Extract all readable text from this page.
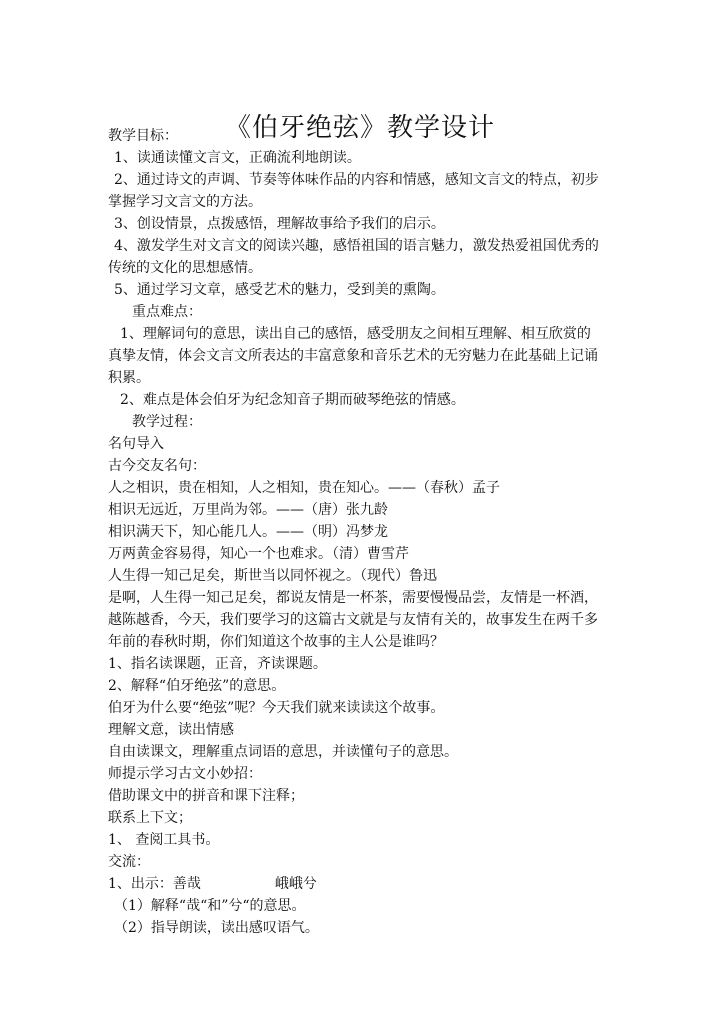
《伯牙绝弦》教学设计
教学目标：
1、读通读懂文言文，正确流利地朗读。
2、通过诗文的声调、节奏等体味作品的内容和情感，感知文言文的特点，初步
掌握学习文言文的方法。
3、创设情景，点拨感悟，理解故事给予我们的启示。
4、激发学生对文言文的阅读兴趣，感悟祖国的语言魅力，激发热爱祖国优秀的
传统的文化的思想感情。
5、通过学习文章，感受艺术的魅力，受到美的熏陶。
重点难点：
1、理解词句的意思，读出自己的感悟，感受朋友之间相互理解、相互欣赏的
真挚友情，体会文言文所表达的丰富意象和音乐艺术的无穷魅力在此基础上记诵
积累。
2、难点是体会伯牙为纪念知音子期而破琴绝弦的情感。
教学过程：
名句导入
古今交友名句：
人之相识，贵在相知，人之相知，贵在知心。——（春秋）孟子
相识无远近，万里尚为邻。——（唐）张九龄
相识满天下，知心能几人。——（明）冯梦龙
万两黄金容易得，知心一个也难求。（清）曹雪芹
人生得一知己足矣，斯世当以同怀视之。（现代）鲁迅
是啊，人生得一知己足矣，都说友情是一杯茶，需要慢慢品尝，友情是一杯酒，
越陈越香，今天，我们要学习的这篇古文就是与友情有关的，故事发生在两千多
年前的春秋时期，你们知道这个故事的主人公是谁吗？
1、指名读课题，正音，齐读课题。
2、解释“伯牙绝弦”的意思。
伯牙为什么要“绝弦”呢？今天我们就来读读这个故事。
理解文意，读出情感
自由读课文，理解重点词语的意思，并读懂句子的意思。
师提示学习古文小妙招：
借助课文中的拼音和课下注释；
联系上下文；
1、 查阅工具书。
交流：
1、出示：善哉	峨峨兮
（1）解释“哉“和”兮“的意思。
（2）指导朗读，读出感叹语气。
